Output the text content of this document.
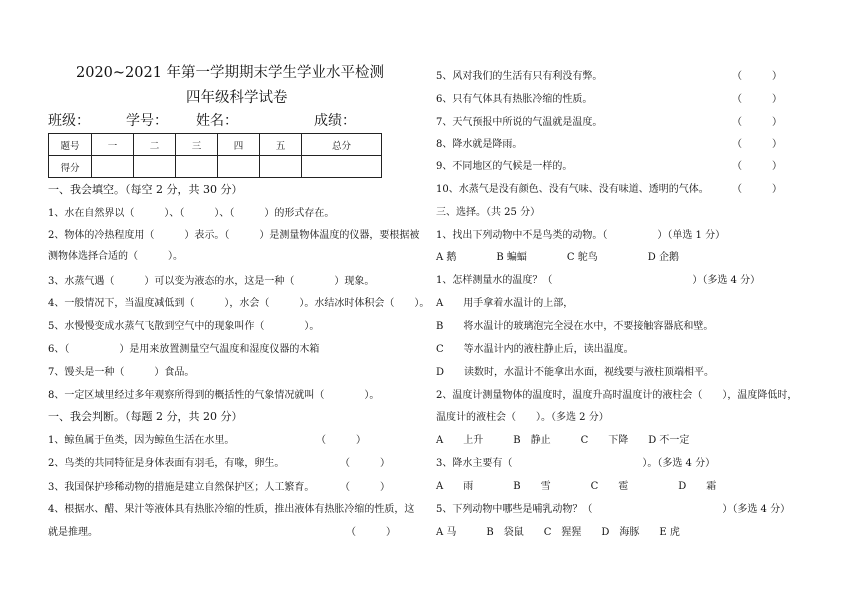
2020~2021 年第一学期期末学生学业水平检测
四年级科学试卷
班级：	学号： 姓名：	成绩：
题号	一	二	三	四	五	总分
得分						
一、我会填空。（每空 2 分，共 30 分）
1、水在自然界以（　　　）、（　　　）、（　　　）的形式存在。
2、物体的冷热程度用（　　　）表示。（　　　）是测量物体温度的仪器，要根据被
测物体选择合适的（　　　）。
3、水蒸气遇（　　　）可以变为液态的水，这是一种（　　　　）现象。
4、一般情况下，当温度减低到（　　　），水会（　　　）。水结冰时体积会（　　）。
5、水慢慢变成水蒸气飞散到空气中的现象叫作（　　　　）。
6、（　　　　　）是用来放置测量空气温度和湿度仪器的木箱
7、馒头是一种（　　　）食品。
8、一定区域里经过多年观察所得到的概括性的气象情况就叫（　　　　）。
一、我会判断。（每题 2 分，共 20 分）
1、鲸鱼属于鱼类，因为鲸鱼生活在水里。	（　　　）
2、鸟类的共同特征是身体表面有羽毛，有喙，卵生。	（　　　）
3、我国保护珍稀动物的措施是建立自然保护区；人工繁育。	（　　　）
4、根据水、醋、果汁等液体具有热胀冷缩的性质，推出液体有热胀冷缩的性质，这
就是推理。	（　　　）
5、风对我们的生活有只有利没有弊。	（　　　）
6、只有气体具有热胀冷缩的性质。	（　　　）
7、天气预报中所说的气温就是温度。	（　　　）
8、降水就是降雨。	（　　　）
9、不同地区的气候是一样的。	（　　　）
10、水蒸气是没有颜色、没有气味、没有味道、透明的气体。 （　　　）
三、选择。（共 25 分）
1、找出下列动物中不是鸟类的动物。（　　　　　）（单选 1 分）
A 鹅　　　　B 蝙蝠　　　　C 鸵鸟　　　　　D 企鹅
1、怎样测量水的温度？（　　　　　　　　　　　　　　）（多选 4 分）
A　　用手拿着水温计的上部，
B　　将水温计的玻璃泡完全浸在水中，不要接触容器底和壁。
C　　等水温计内的液柱静止后，读出温度。
D　　读数时，水温计不能拿出水面，视线要与液柱顶端相平。
2、温度计测量物体的温度时，温度升高时温度计的液柱会（　　），温度降低时，
温度计的液柱会（　　）。（多选 2 分）
A　　上升　　　B　静止　　　C　　下降　　D 不一定
3、降水主要有（　　　　　　　　　　　　　）。（多选 4 分）
A　　雨　　　　B　　雪　　　　C　　雹　　　　　D　　霜
5、下列动物中哪些是哺乳动物？（　　　　　　　　　　　　　）（多选 4 分）
A 马　　　B　袋鼠　　C　猩猩　　D　海豚　　E 虎
